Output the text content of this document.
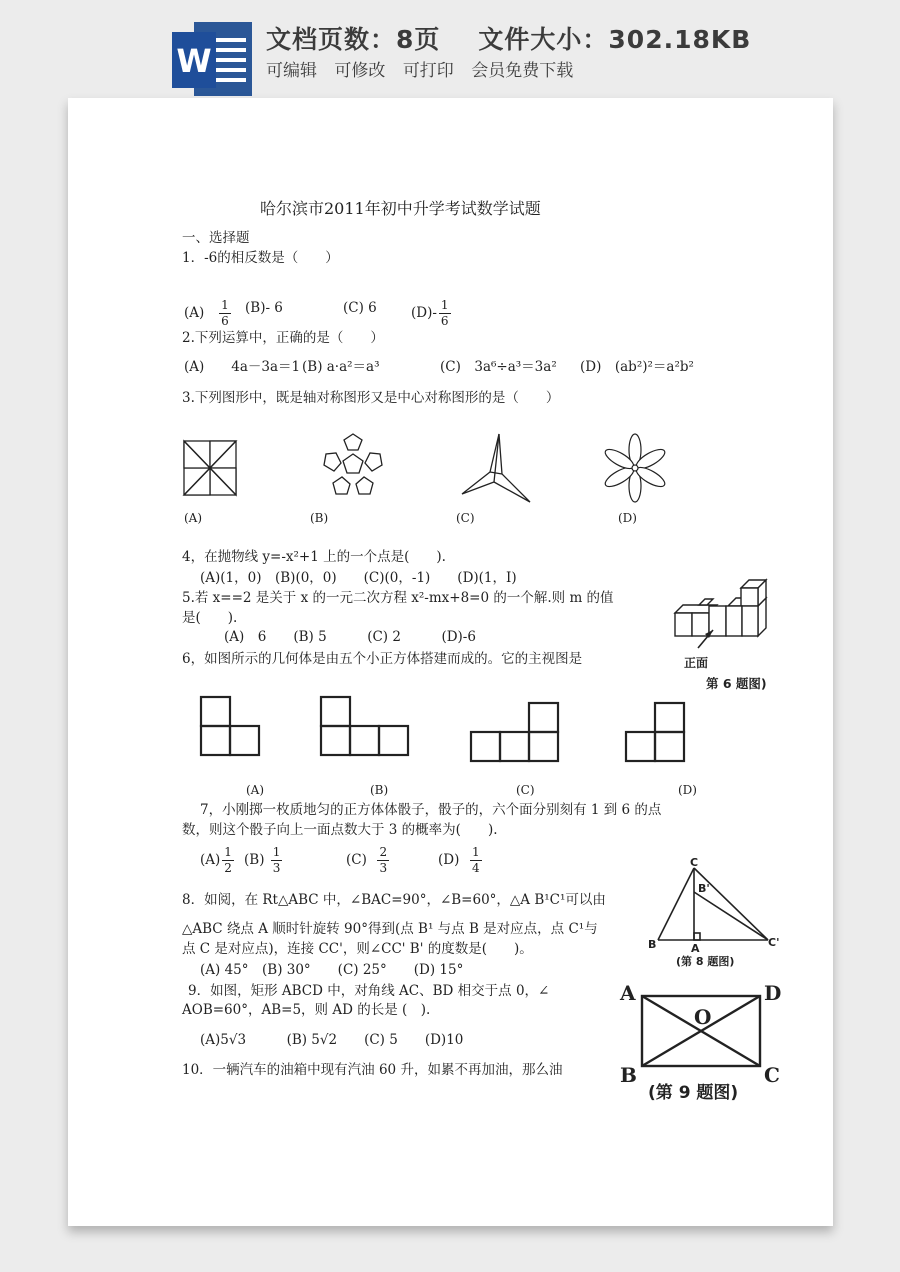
W
文档页数：8页 文件大小：302.18KB
可编辑 可修改 可打印 会员免费下载
哈尔滨市2011年初中升学考试数学试题
一、选择题
1．-6的相反数是（　　）
$(A) \frac{1}{6} (B)-$ 6	(C) 6	$(D)- \frac{1}{6}$
2.下列运算中，正确的是（　　）
(A)　　4a－3a＝1 (B) a·a²＝a³	(C)　3a⁶÷a³＝3a² (D)　(ab²)²＝a²b²
3.下列图形中，既是轴对称图形又是中心对称图形的是（　　）
(A)	(B)	(C)	(D)
4，在抛物线 y=-x²+1 上的一个点是(　　).
(A)(1，0)　(B)(0，0)　　(C)(0，-1)　　(D)(1，I)
5.若 x==2 是关于 x 的一元二次方程 x²-mx+8=0 的一个解.则 m 的值
是(　　).
(A)　6　　(B) 5　　　(C) 2　　　(D)-6
正面
第 6 题图)
6，如图所示的几何体是由五个小正方体搭建而成的。它的主视图是
(A)	(B)	(C)	(D)
7，小刚掷一枚质地匀的正方体体骰子，骰子的，六个面分别刻有 1 到 6 的点
数，则这个骰子向上一面点数大于 3 的概率为(　　).
$(A) \frac{1}{2} (B) \frac{1}{3}$	$(C) \frac{2}{3}$	$(D) \frac{1}{4}$	C
B'
B	A	C'
(第 8 题图)
8．如阅，在 Rt△ABC 中，∠BAC=90°，∠B=60°，△A B¹C¹可以由
△ABC 绕点 A 顺时针旋转 90°得到(点 B¹ 与点 B 是对应点，点 C¹与
点 C 是对应点)，连接 CC'，则∠CC' B' 的度数是(　　)。
(A) 45°　(B) 30°　　(C) 25°　　(D) 15°
A	D
B	C
O
(第 9 题图)
9．如图，矩形 ABCD 中，对角线 AC、BD 相交于点 0，∠
AOB=60°，AB=5，则 AD 的长是 (　).
(A)5√3　　　(B) 5√2　　(C) 5　　(D)10
10．一辆汽车的油箱中现有汽油 60 升，如累不再加油，那么油
